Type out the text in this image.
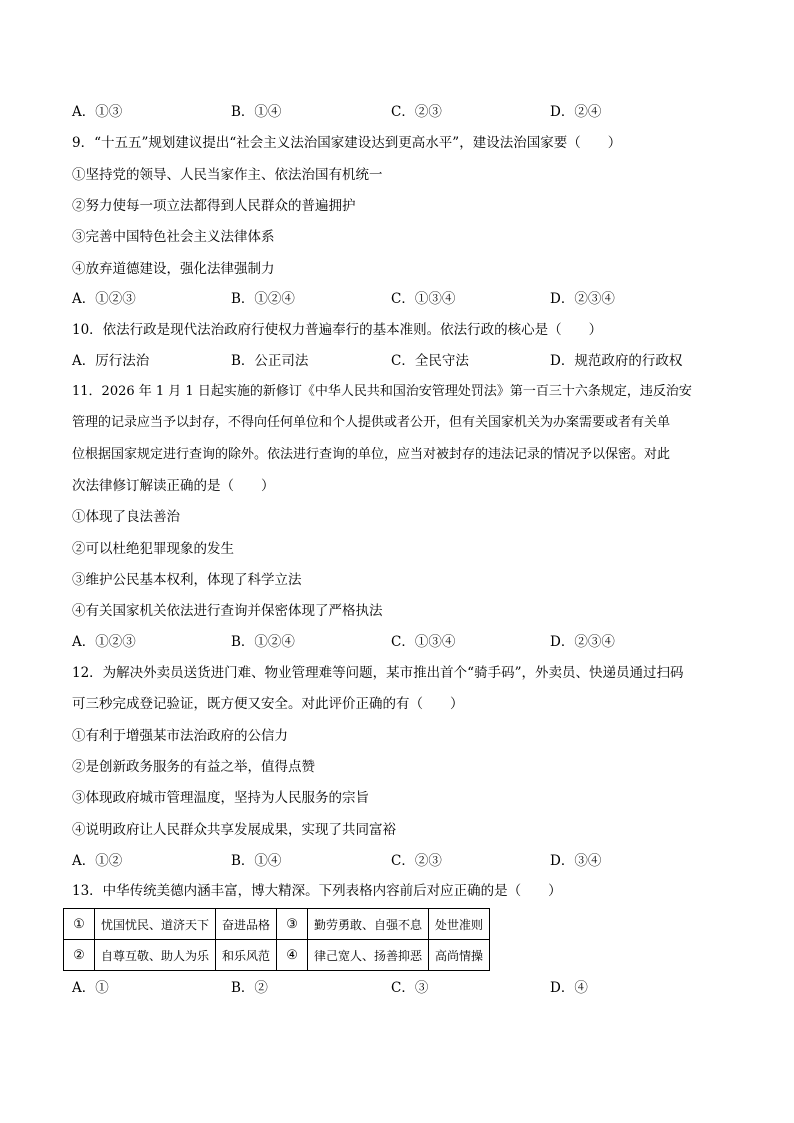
A．①③	B．①④	C．②③	D．②④
9．“十五五”规划建议提出“社会主义法治国家建设达到更高水平”，建设法治国家要（　　）
①坚持党的领导、人民当家作主、依法治国有机统一
②努力使每一项立法都得到人民群众的普遍拥护
③完善中国特色社会主义法律体系
④放弃道德建设，强化法律强制力
A．①②③	B．①②④	C．①③④	D．②③④
10．依法行政是现代法治政府行使权力普遍奉行的基本准则。依法行政的核心是（　　）
A．厉行法治	B．公正司法	C．全民守法	D．规范政府的行政权
11．2026 年 1 月 1 日起实施的新修订《中华人民共和国治安管理处罚法》第一百三十六条规定，违反治安
管理的记录应当予以封存，不得向任何单位和个人提供或者公开，但有关国家机关为办案需要或者有关单
位根据国家规定进行查询的除外。依法进行查询的单位，应当对被封存的违法记录的情况予以保密。对此
次法律修订解读正确的是（　　）
①体现了良法善治
②可以杜绝犯罪现象的发生
③维护公民基本权利，体现了科学立法
④有关国家机关依法进行查询并保密体现了严格执法
A．①②③	B．①②④	C．①③④	D．②③④
12．为解决外卖员送货进门难、物业管理难等问题，某市推出首个“骑手码”，外卖员、快递员通过扫码
可三秒完成登记验证，既方便又安全。对此评价正确的有（　　）
①有利于增强某市法治政府的公信力
②是创新政务服务的有益之举，值得点赞
③体现政府城市管理温度，坚持为人民服务的宗旨
④说明政府让人民群众共享发展成果，实现了共同富裕
A．①②	B．①④	C．②③	D．③④
13．中华传统美德内涵丰富，博大精深。下列表格内容前后对应正确的是（　　）
①	忧国忧民、道济天下	奋进品格	③	勤劳勇敢、自强不息	处世准则
②	自尊互敬、助人为乐	和乐风范	④	律己宽人、扬善抑恶	高尚情操
A．①	B．②	C．③	D．④
